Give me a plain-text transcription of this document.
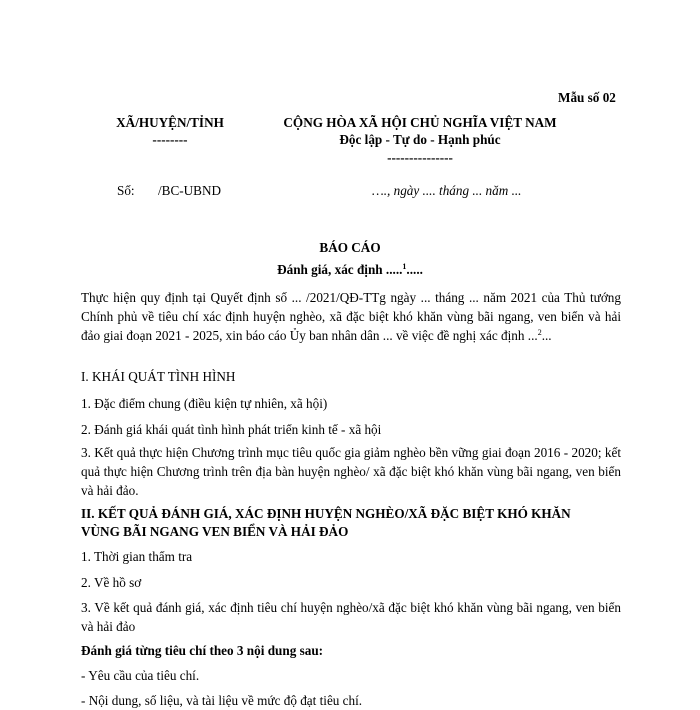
Mẫu số 02
XÃ/HUYỆN/TỈNH
--------
CỘNG HÒA XÃ HỘI CHỦ NGHĨA VIỆT NAM
Độc lập - Tự do - Hạnh phúc
---------------
Số: /BC-UBND	…., ngày .... tháng ... năm ...
BÁO CÁO
Đánh giá, xác định .....$^1$.....
Thực hiện quy định tại Quyết định số ... /2021/QĐ-TTg ngày ... tháng ... năm 2021 của Thủ tướng Chính phủ về tiêu chí xác định huyện nghèo, xã đặc biệt khó khăn vùng bãi ngang, ven biển và hải đảo giai đoạn 2021 - 2025, xin báo cáo Ủy ban nhân dân ... về việc đề nghị xác định ...$^2$...
I. KHÁI QUÁT TÌNH HÌNH
1. Đặc điểm chung (điều kiện tự nhiên, xã hội)
2. Đánh giá khái quát tình hình phát triển kinh tế - xã hội
3. Kết quả thực hiện Chương trình mục tiêu quốc gia giảm nghèo bền vững giai đoạn 2016 - 2020; kết quả thực hiện Chương trình trên địa bàn huyện nghèo/ xã đặc biệt khó khăn vùng bãi ngang, ven biển và hải đảo.
II. KẾT QUẢ ĐÁNH GIÁ, XÁC ĐỊNH HUYỆN NGHÈO/XÃ ĐẶC BIỆT KHÓ KHĂN
VÙNG BÃI NGANG VEN BIỂN VÀ HẢI ĐẢO
1. Thời gian thẩm tra
2. Về hồ sơ
3. Về kết quả đánh giá, xác định tiêu chí huyện nghèo/xã đặc biệt khó khăn vùng bãi ngang, ven biển và hải đảo
Đánh giá từng tiêu chí theo 3 nội dung sau:
- Yêu cầu của tiêu chí.
- Nội dung, số liệu, và tài liệu về mức độ đạt tiêu chí.
